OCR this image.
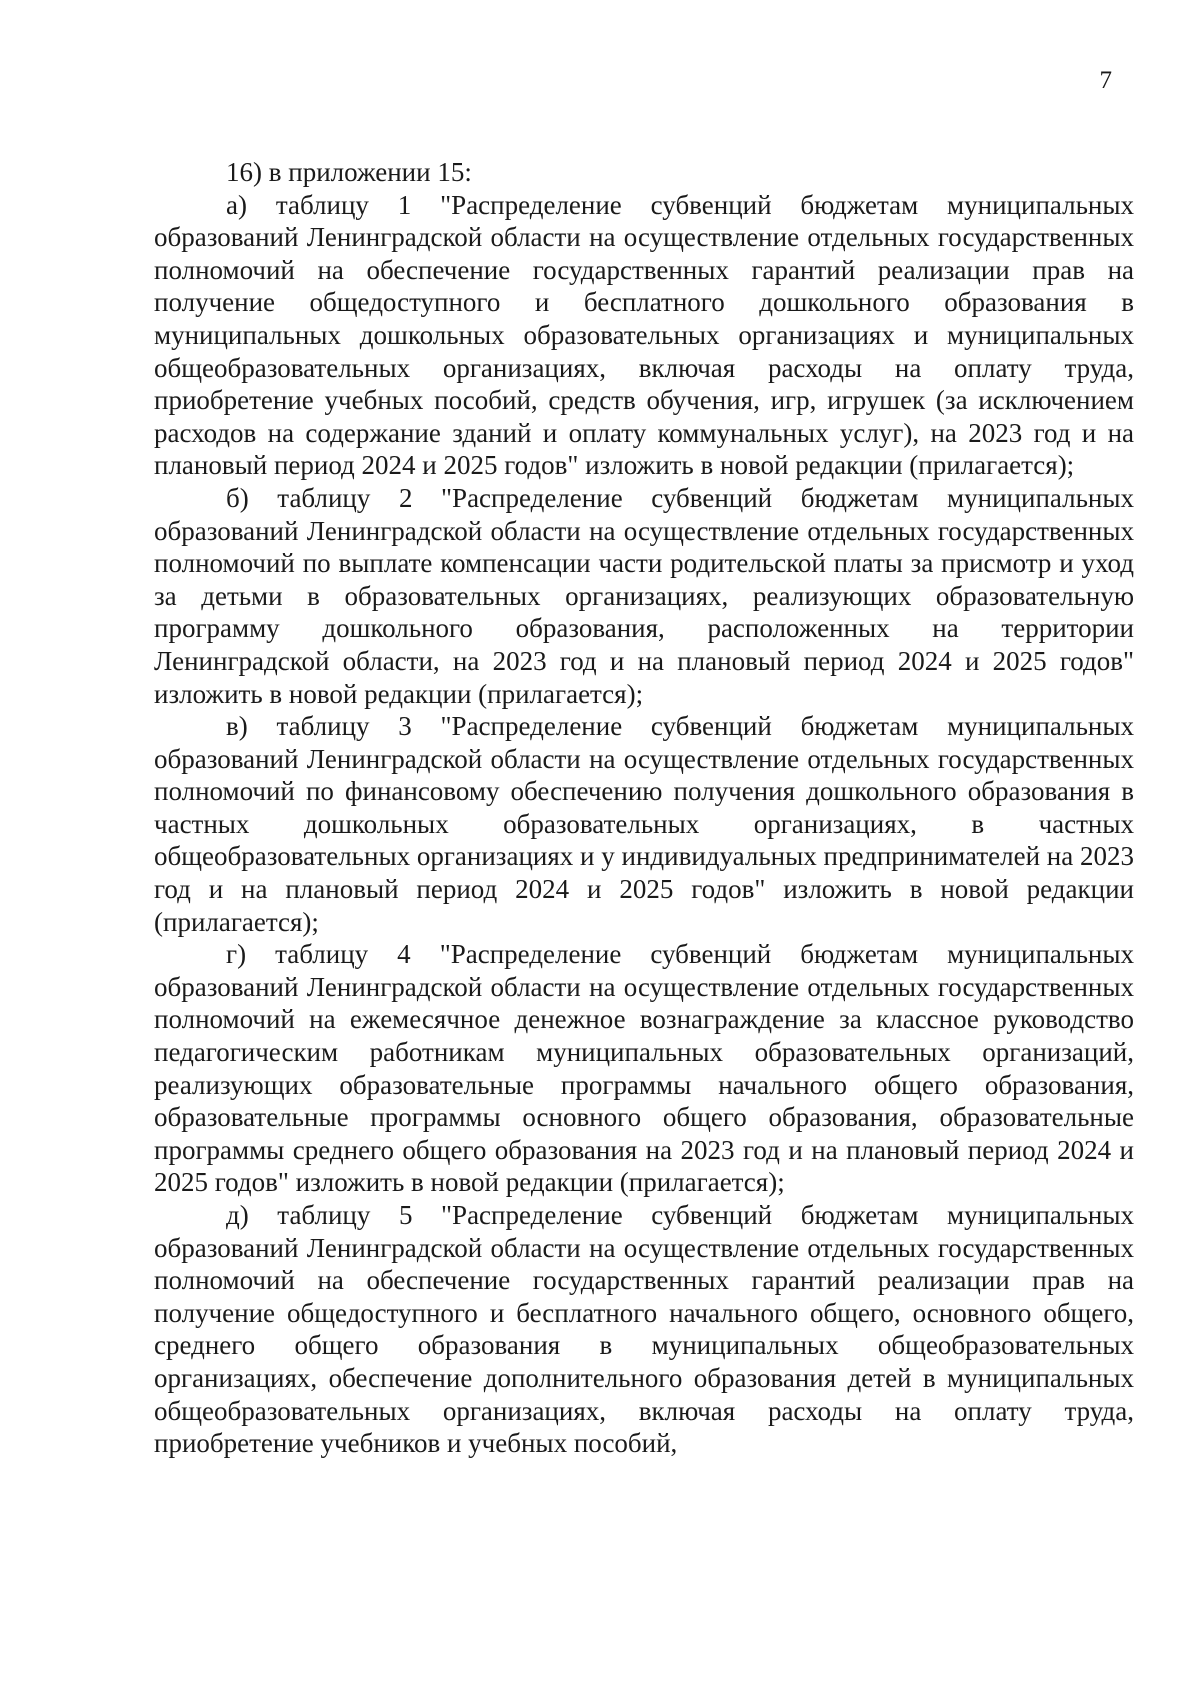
7

16) в приложении 15:

а) таблицу 1 "Распределение субвенций бюджетам муниципальных образований Ленинградской области на осуществление отдельных государственных полномочий на обеспечение государственных гарантий реализации прав на получение общедоступного и бесплатного дошкольного образования в муниципальных дошкольных образовательных организациях и муниципальных общеобразовательных организациях, включая расходы на оплату труда, приобретение учебных пособий, средств обучения, игр, игрушек (за исключением расходов на содержание зданий и оплату коммунальных услуг), на 2023 год и на плановый период 2024 и 2025 годов" изложить в новой редакции (прилагается);

б) таблицу 2 "Распределение субвенций бюджетам муниципальных образований Ленинградской области на осуществление отдельных государственных полномочий по выплате компенсации части родительской платы за присмотр и уход за детьми в образовательных организациях, реализующих образовательную программу дошкольного образования, расположенных на территории Ленинградской области, на 2023 год и на плановый период 2024 и 2025 годов" изложить в новой редакции (прилагается);

в) таблицу 3 "Распределение субвенций бюджетам муниципальных образований Ленинградской области на осуществление отдельных государственных полномочий по финансовому обеспечению получения дошкольного образования в частных дошкольных образовательных организациях, в частных общеобразовательных организациях и у индивидуальных предпринимателей на 2023 год и на плановый период 2024 и 2025 годов" изложить в новой редакции (прилагается);

г) таблицу 4 "Распределение субвенций бюджетам муниципальных образований Ленинградской области на осуществление отдельных государственных полномочий на ежемесячное денежное вознаграждение за классное руководство педагогическим работникам муниципальных образовательных организаций, реализующих образовательные программы начального общего образования, образовательные программы основного общего образования, образовательные программы среднего общего образования на 2023 год и на плановый период 2024 и 2025 годов" изложить в новой редакции (прилагается);

д) таблицу 5 "Распределение субвенций бюджетам муниципальных образований Ленинградской области на осуществление отдельных государственных полномочий на обеспечение государственных гарантий реализации прав на получение общедоступного и бесплатного начального общего, основного общего, среднего общего образования в муниципальных общеобразовательных организациях, обеспечение дополнительного образования детей в муниципальных общеобразовательных организациях, включая расходы на оплату труда, приобретение учебников и учебных пособий,
